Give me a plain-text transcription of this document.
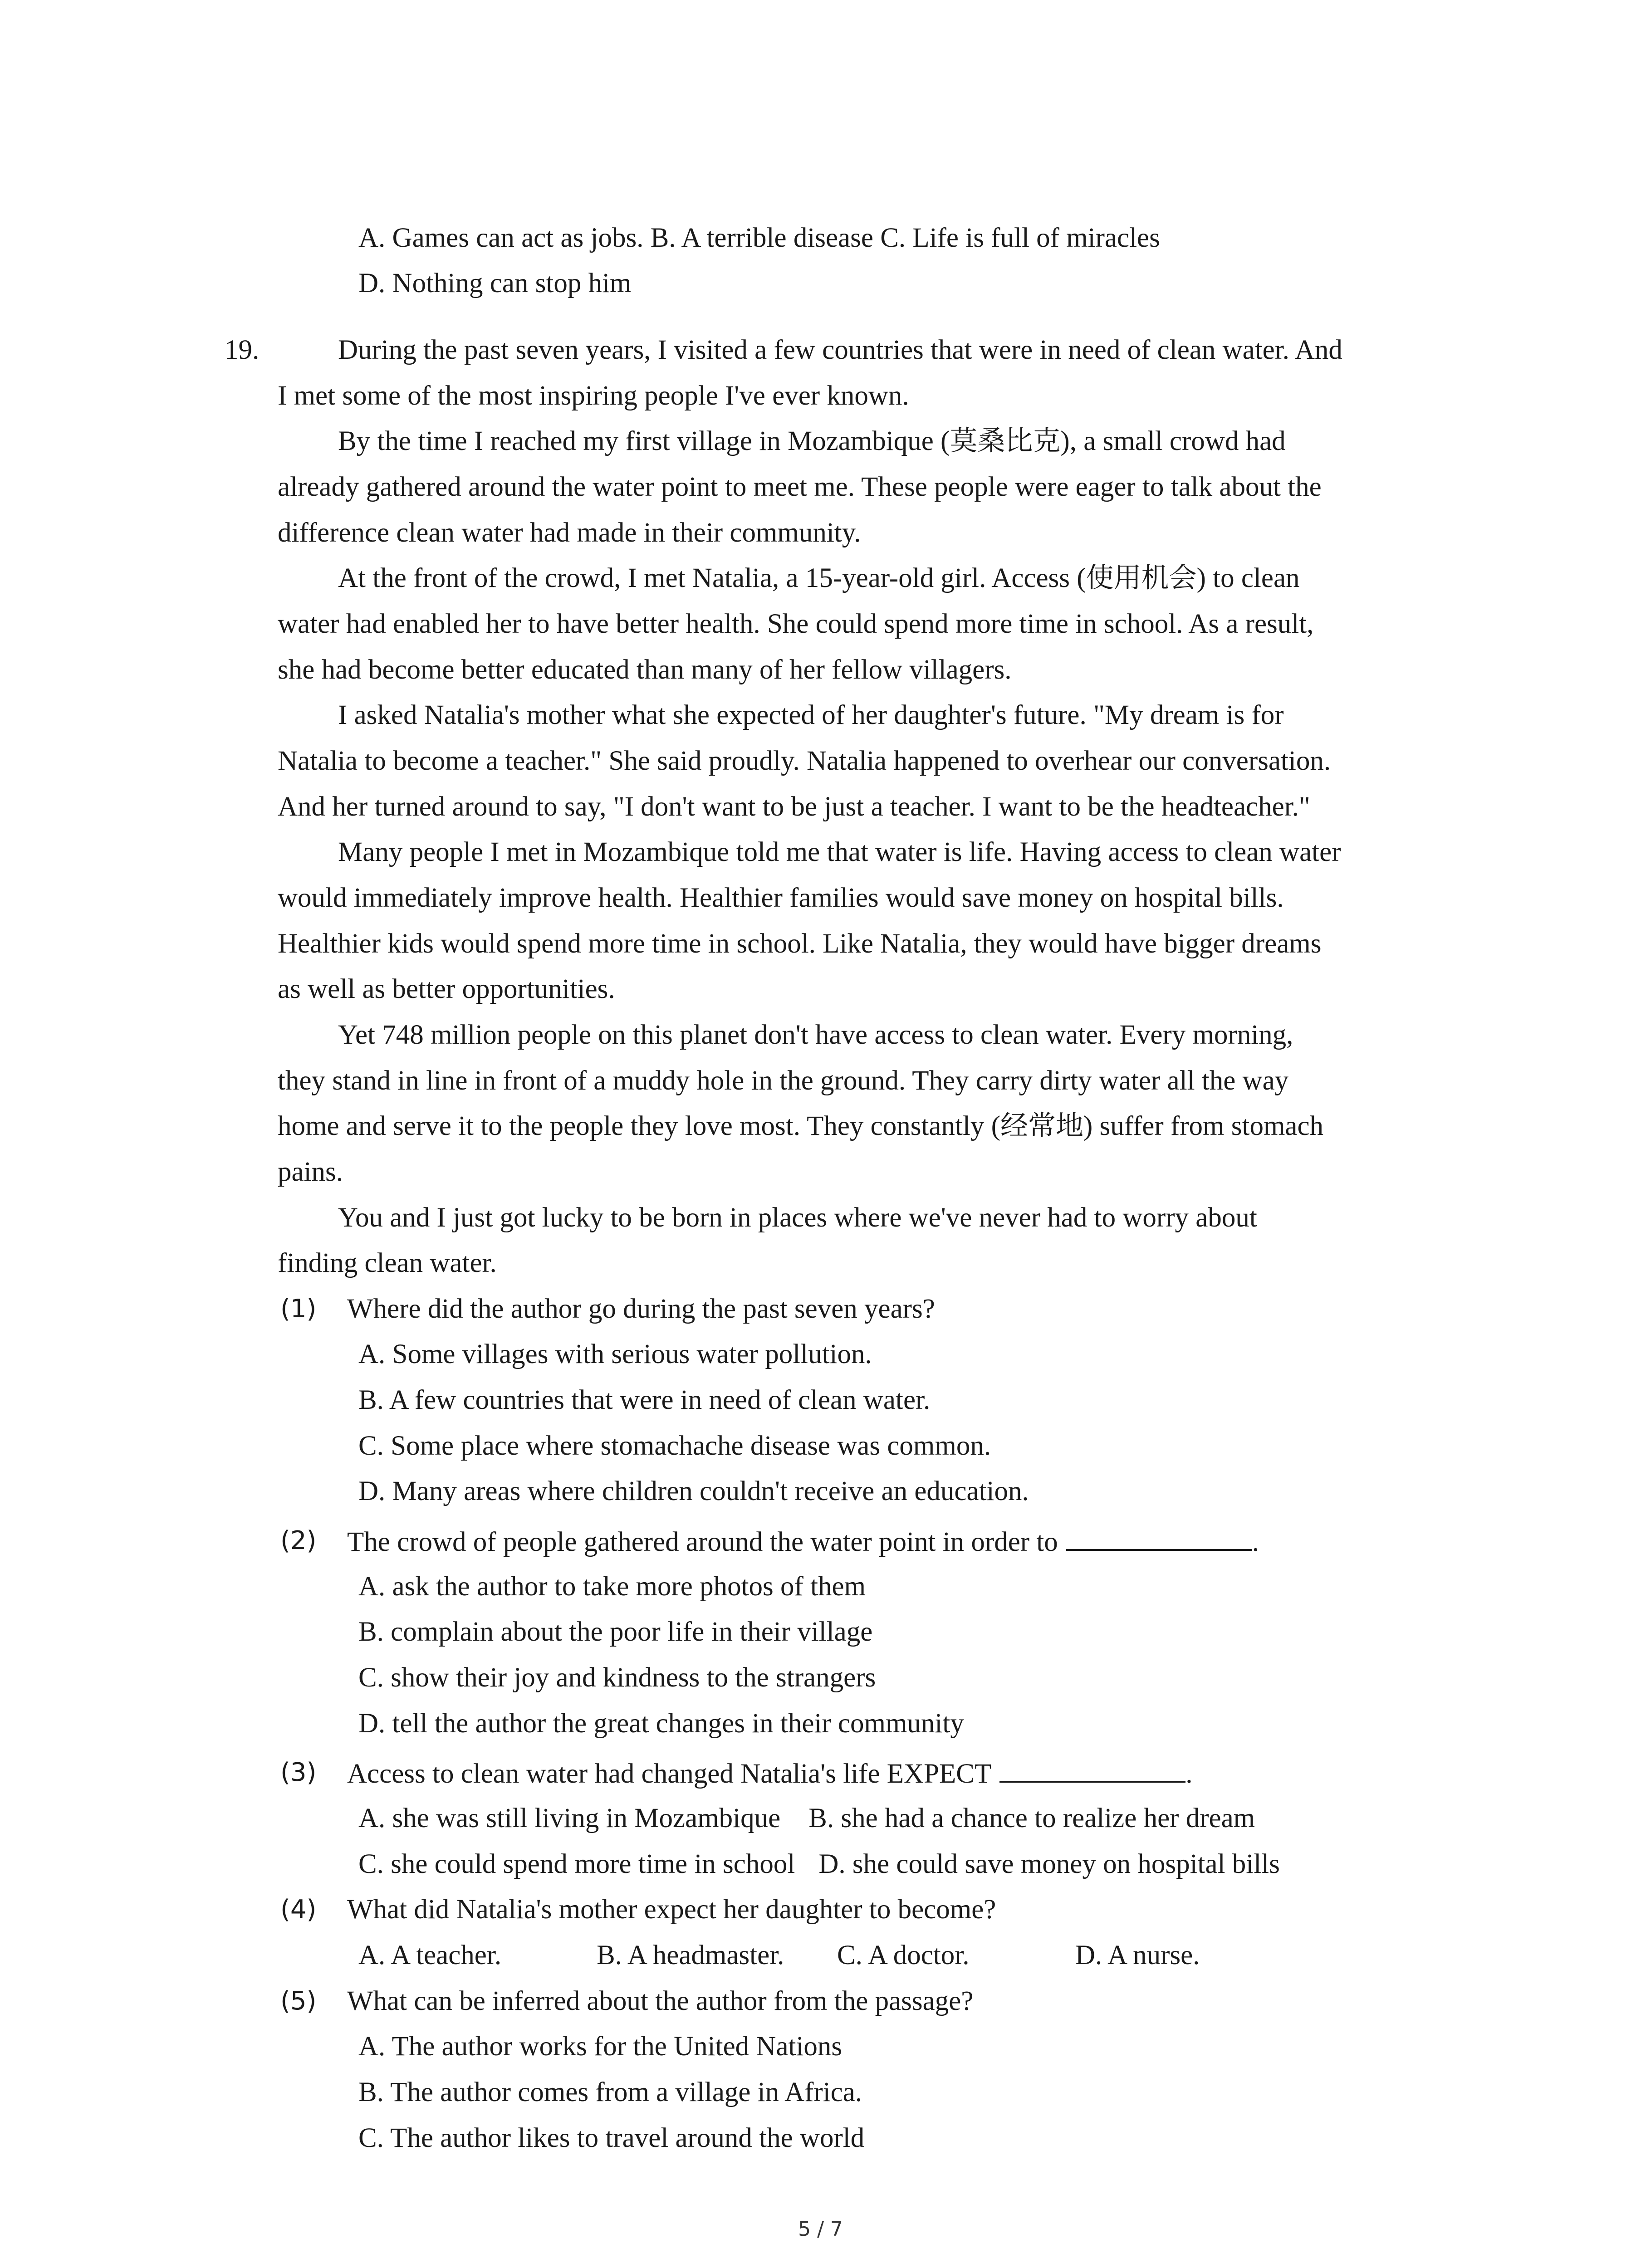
A. Games can act as jobs. B. A terrible disease C. Life is full of miracles
D. Nothing can stop him
19.	During the past seven years, I visited a few countries that were in need of clean water. And
I met some of the most inspiring people I've ever known.
By the time I reached my first village in Mozambique (莫桑比克), a small crowd had
already gathered around the water point to meet me. These people were eager to talk about the
difference clean water had made in their community.
At the front of the crowd, I met Natalia, a 15-year-old girl. Access (使用机会) to clean
water had enabled her to have better health. She could spend more time in school. As a result,
she had become better educated than many of her fellow villagers.
I asked Natalia's mother what she expected of her daughter's future. "My dream is for
Natalia to become a teacher." She said proudly. Natalia happened to overhear our conversation.
And her turned around to say, "I don't want to be just a teacher. I want to be the headteacher."
Many people I met in Mozambique told me that water is life. Having access to clean water
would immediately improve health. Healthier families would save money on hospital bills.
Healthier kids would spend more time in school. Like Natalia, they would have bigger dreams
as well as better opportunities.
Yet 748 million people on this planet don't have access to clean water. Every morning,
they stand in line in front of a muddy hole in the ground. They carry dirty water all the way
home and serve it to the people they love most. They constantly (经常地) suffer from stomach
pains.
You and I just got lucky to be born in places where we've never had to worry about
finding clean water.
(1) Where did the author go during the past seven years?
A. Some villages with serious water pollution.
B. A few countries that were in need of clean water.
C. Some place where stomachache disease was common.
D. Many areas where children couldn't receive an education.
(2) The crowd of people gathered around the water point in order to	.
A. ask the author to take more photos of them
B. complain about the poor life in their village
C. show their joy and kindness to the strangers
D. tell the author the great changes in their community
(3) Access to clean water had changed Natalia's life EXPECT	.
A. she was still living in Mozambique B. she had a chance to realize her dream
C. she could spend more time in school D. she could save money on hospital bills
(4) What did Natalia's mother expect her daughter to become?
A. A teacher.	B. A headmaster. C. A doctor.	D. A nurse.
(5) What can be inferred about the author from the passage?
A. The author works for the United Nations
B. The author comes from a village in Africa.
C. The author likes to travel around the world
5 / 7
